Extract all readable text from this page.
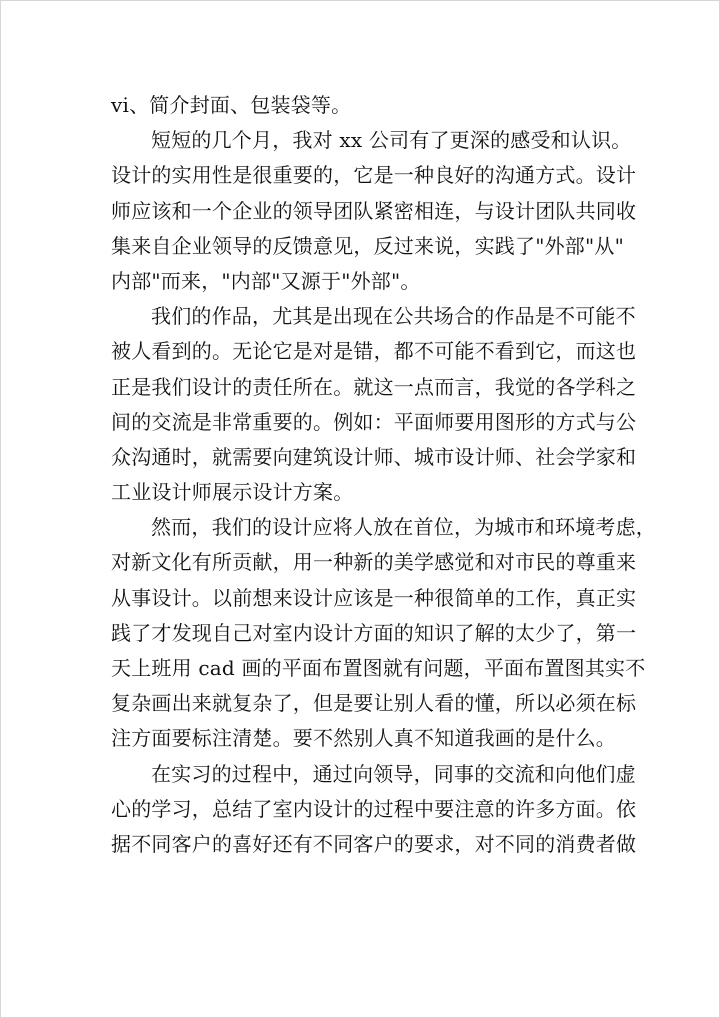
vi、简介封面、包装袋等。

短短的几个月，我对 xx 公司有了更深的感受和认识。
设计的实用性是很重要的，它是一种良好的沟通方式。设计
师应该和一个企业的领导团队紧密相连，与设计团队共同收
集来自企业领导的反馈意见，反过来说，实践了"外部"从"
内部"而来，"内部"又源于"外部"。

我们的作品，尤其是出现在公共场合的作品是不可能不
被人看到的。无论它是对是错，都不可能不看到它，而这也
正是我们设计的责任所在。就这一点而言，我觉的各学科之
间的交流是非常重要的。例如：平面师要用图形的方式与公
众沟通时，就需要向建筑设计师、城市设计师、社会学家和
工业设计师展示设计方案。

然而，我们的设计应将人放在首位，为城市和环境考虑，
对新文化有所贡献，用一种新的美学感觉和对市民的尊重来
从事设计。以前想来设计应该是一种很简单的工作，真正实
践了才发现自己对室内设计方面的知识了解的太少了，第一
天上班用 cad 画的平面布置图就有问题，平面布置图其实不
复杂画出来就复杂了，但是要让别人看的懂，所以必须在标
注方面要标注清楚。要不然别人真不知道我画的是什么。

在实习的过程中，通过向领导，同事的交流和向他们虚
心的学习，总结了室内设计的过程中要注意的许多方面。依
据不同客户的喜好还有不同客户的要求，对不同的消费者做
